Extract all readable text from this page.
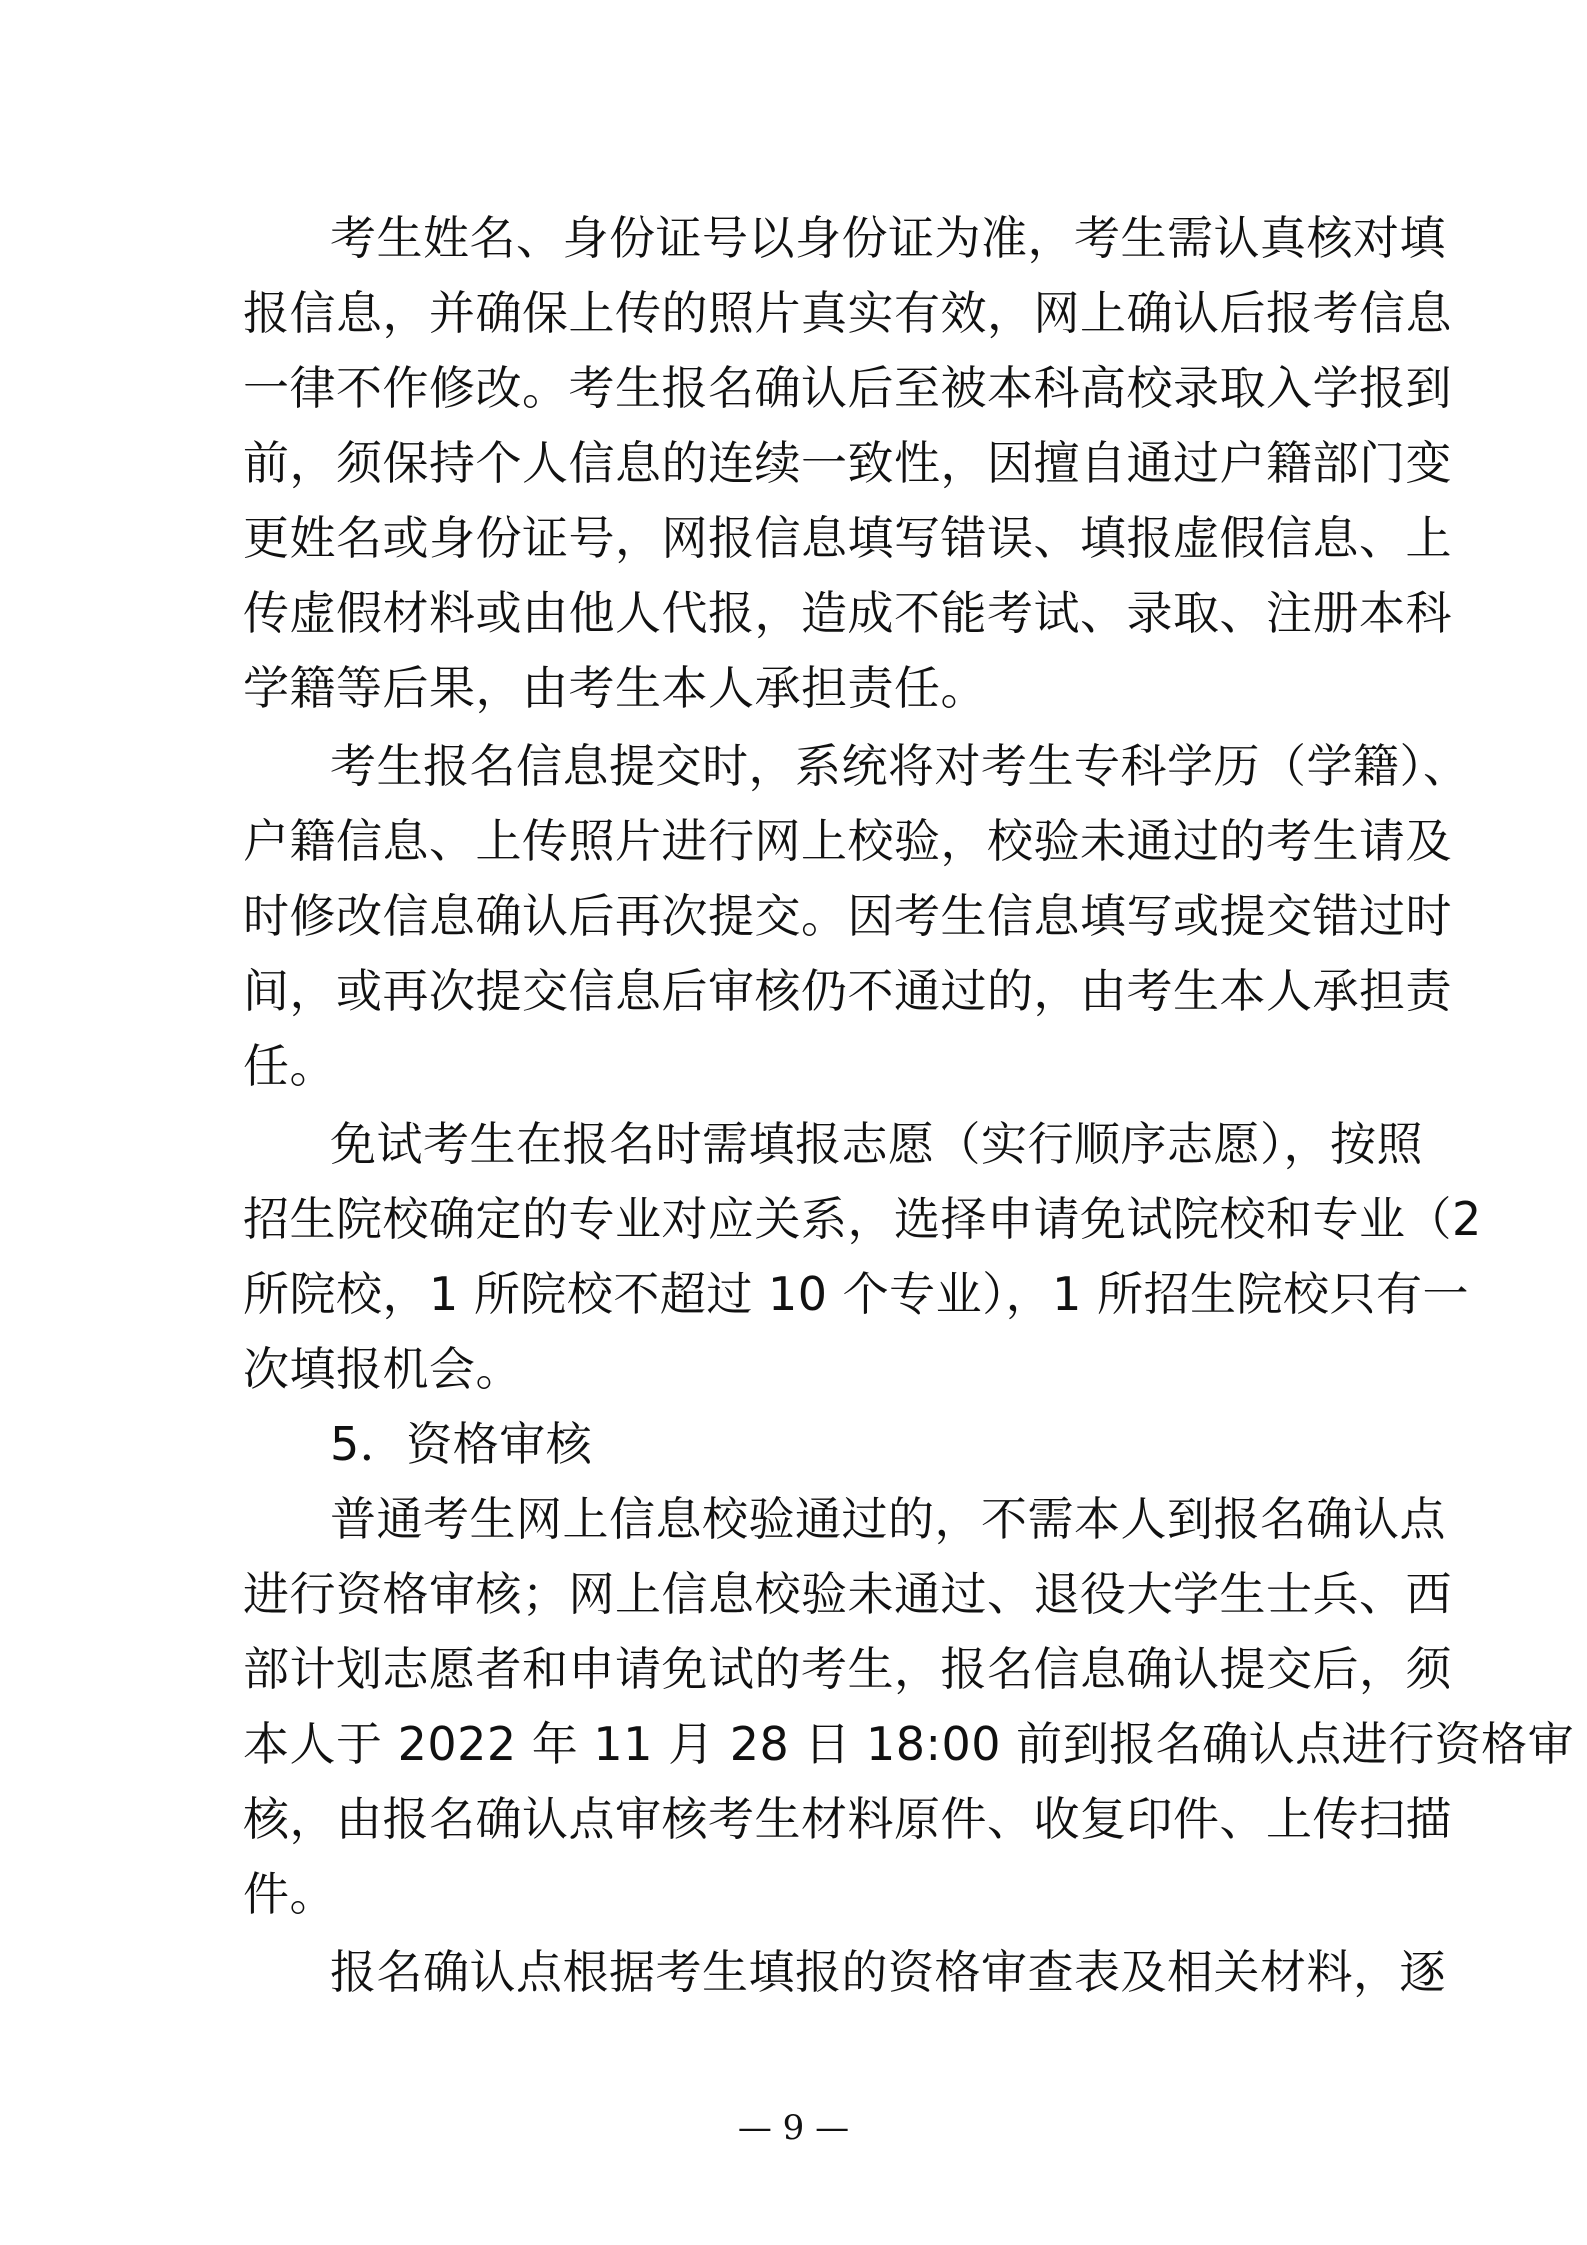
考生姓名、身份证号以身份证为准，考生需认真核对填
报信息，并确保上传的照片真实有效，网上确认后报考信息
一律不作修改。考生报名确认后至被本科高校录取入学报到
前，须保持个人信息的连续一致性，因擅自通过户籍部门变
更姓名或身份证号，网报信息填写错误、填报虚假信息、上
传虚假材料或由他人代报，造成不能考试、录取、注册本科
学籍等后果，由考生本人承担责任。
考生报名信息提交时，系统将对考生专科学历（学籍）、
户籍信息、上传照片进行网上校验，校验未通过的考生请及
时修改信息确认后再次提交。因考生信息填写或提交错过时
间，或再次提交信息后审核仍不通过的，由考生本人承担责
任。
免试考生在报名时需填报志愿（实行顺序志愿），按照
招生院校确定的专业对应关系，选择申请免试院校和专业（2
所院校，1 所院校不超过 10 个专业），1 所招生院校只有一
次填报机会。
5．资格审核
普通考生网上信息校验通过的，不需本人到报名确认点
进行资格审核；网上信息校验未通过、退役大学生士兵、西
部计划志愿者和申请免试的考生，报名信息确认提交后，须
本人于 2022 年 11 月 28 日 18:00 前到报名确认点进行资格审
核，由报名确认点审核考生材料原件、收复印件、上传扫描
件。
报名确认点根据考生填报的资格审查表及相关材料，逐
— 9 —
